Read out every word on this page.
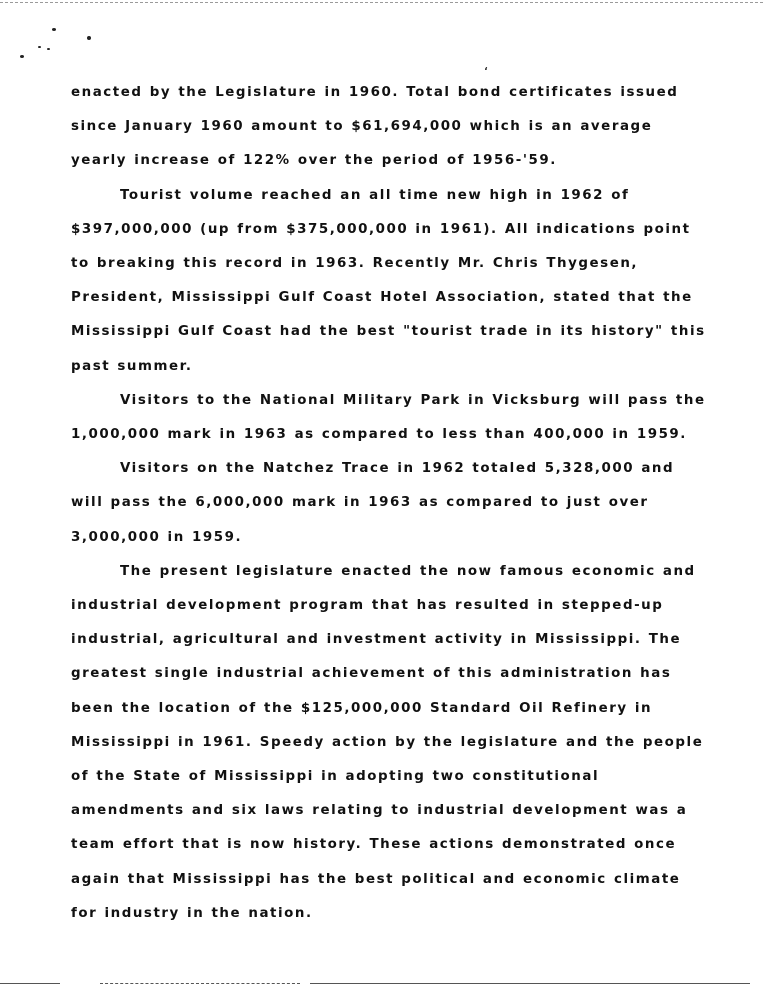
‘

enacted by the Legislature in 1960. Total bond certificates issued since January 1960 amount to $61,694,000 which is an average yearly increase of 122% over the period of 1956-'59.

Tourist volume reached an all time new high in 1962 of $397,000,000 (up from $375,000,000 in 1961). All indications point to breaking this record in 1963. Recently Mr. Chris Thygesen, President, Mississippi Gulf Coast Hotel Association, stated that the Mississippi Gulf Coast had the best "tourist trade in its history" this past summer.

Visitors to the National Military Park in Vicksburg will pass the 1,000,000 mark in 1963 as compared to less than 400,000 in 1959.

Visitors on the Natchez Trace in 1962 totaled 5,328,000 and will pass the 6,000,000 mark in 1963 as compared to just over 3,000,000 in 1959.

The present legislature enacted the now famous economic and industrial development program that has resulted in stepped-up industrial, agricultural and investment activity in Mississippi. The greatest single industrial achievement of this administration has been the location of the $125,000,000 Standard Oil Refinery in Mississippi in 1961. Speedy action by the legislature and the people of the State of Mississippi in adopting two constitutional amendments and six laws relating to industrial development was a team effort that is now history. These actions demonstrated once again that Mississippi has the best political and economic climate for industry in the nation.
